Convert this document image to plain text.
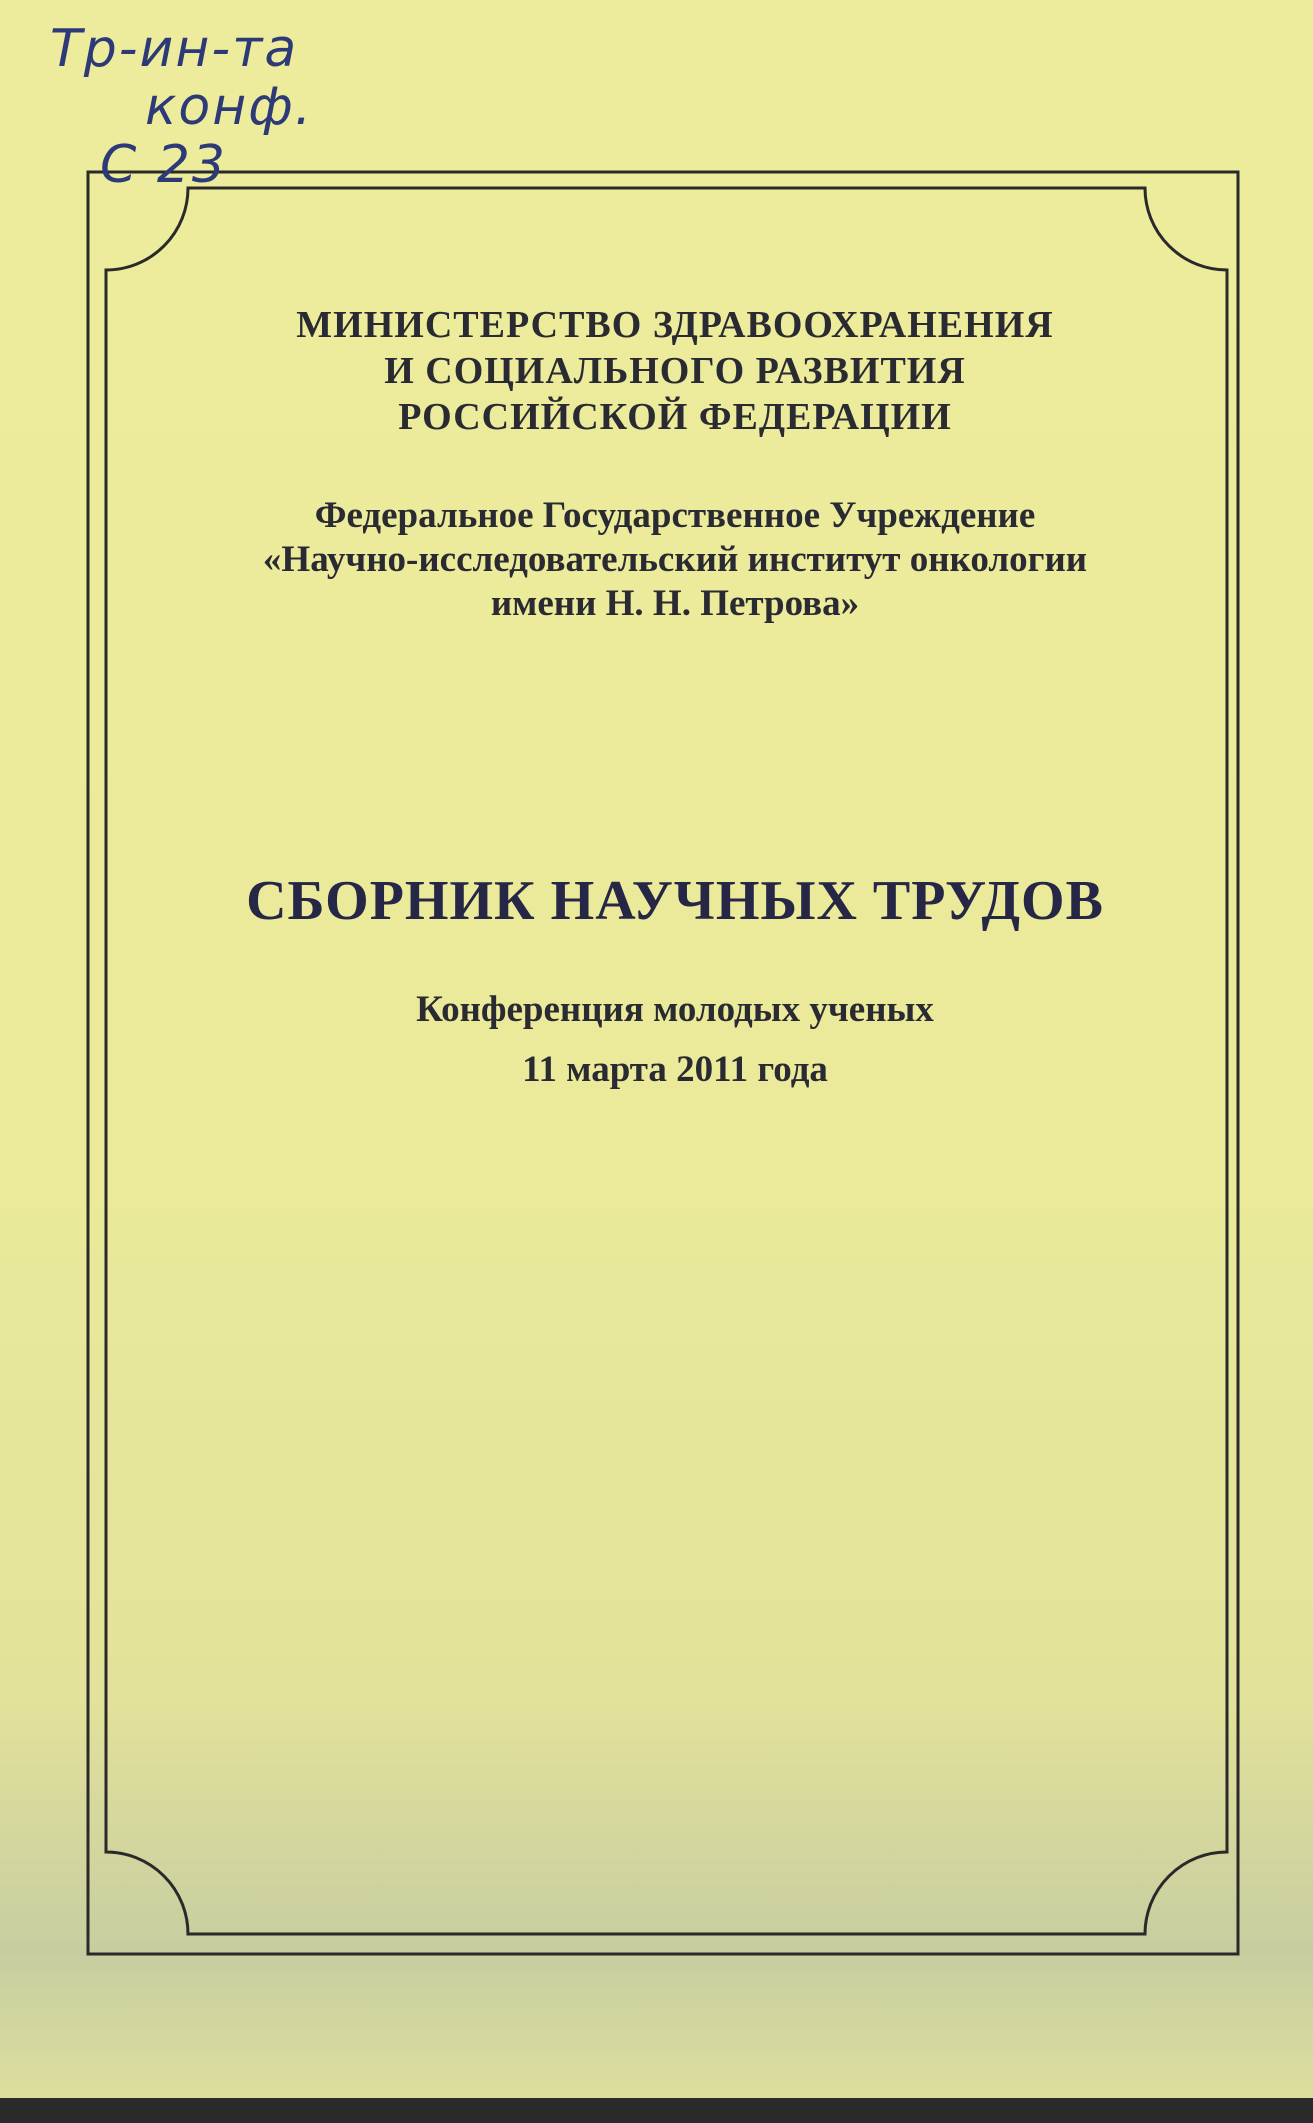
Тр-ин-та
конф.
С 23
МИНИСТЕРСТВО ЗДРАВООХРАНЕНИЯ
И СОЦИАЛЬНОГО РАЗВИТИЯ
РОССИЙСКОЙ ФЕДЕРАЦИИ
Федеральное Государственное Учреждение
«Научно-исследовательский институт онкологии
имени Н. Н. Петрова»
СБОРНИК НАУЧНЫХ ТРУДОВ
Конференция молодых ученых
11 марта 2011 года
